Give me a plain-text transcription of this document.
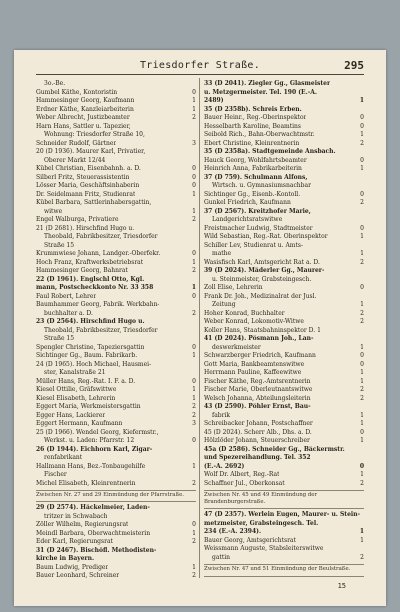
Triesdorfer Straße.	295
3o.-Be.
Gumbel Käthe, Kontoristin	0
Hammesinger Georg, Kaufmann	1
Erdner Käthe, Kanzleiarbeiterin	1
Weber Albrecht, Justizbeamter	2
Harn Hans, Sattler u. Tapezier,
Wohnung: Triesdorfer Straße 10,
Schneider Rudolf, Gärtner	3
20 (D 1936). Maurer Karl, Privatier,
Oberer Markt 12/44
Kübel Christian, Eisenbahnh. a. D.	0
Silberl Fritz, Steuerassistentin	0
Lösser Maria, Geschäftsinhaberin	0
Dr. Seidelmann Fritz, Studienrat	1
Kübel Barbara, Sattlerinhabersgattin,
witwe	1
Engel Walburga, Privatiere	2
21 (D 2681). Hirschfind Hugo u.
Theobald, Fabrikbesitzer, Triesdorfer
Straße 15
Krummwiese Johann, Landger.-Oberfekr.	0
Hoch Franz, Kraftwerksbetriebsrat	1
Hammesinger Georg, Bahnrat	2
22 (D 1961). Englschl Otto, Kgl.
mann, Postscheckkonto Nr. 33 358	1
Faul Robert, Lehrer	0
Baumhammer Georg, Fabrik. Werkbahn-
buchhalter a. D.	2
23 (D 2564). Hirschfind Hugo u.
Theobald, Fabrikbesitzer, Triesdorfer
Straße 15
Spengler Christine, Tapeziersgattin	0
Sichtinger Gg., Baum. Fabrikarb.	1
24 (D 1965). Hoch Michael, Hausmei-
ster, Kanalstraße 21
Müller Hans, Reg.-Rat. I. F. a. D.	0
Kiesel Ottilie, Gräfswittwe	1
Kiesel Elisabeth, Lehrerin	1
Eggert Maria, Werkmeistersgattin	2
Egger Hans, Lackierer	2
Eggert Hermann, Kaufmann	3
25 (D 1966). Wendel Georg, Kiefermstr.,
Werkst. u. Laden: Pfarrstr. 12	0
26 (D 1944). Eichhorn Karl, Zigar-
renfabrikant
Hallmann Hans, Bez.-Tonbaugehilfe	1
Fischer
Michel Elisabeth, Kleinrentnerin	2
Zwischen Nr. 27 und 29 Einmündung der Pfarrstraße.
29 (D 2574). Häckelmeier, Laden-
tritzer in Schwabach
Zöller Wilhelm, Regierungsrat	0
Meindl Barbara, Oberwachtmeisterin	1
Eder Karl, Regierungsrat	2
31 (D 2467). Bischöfl. Methodisten-
kirche in Bayern.
Baum Ludwig, Prediger	1
Bauer Leonhard, Schreiner	2
33 (D 2041). Ziegler Gg., Glasmeister
u. Metzgermeister. Tel. 190 (E.-A.
2489)	1
35 (D 2358b). Schreis Erben.
Bauer Heinr., Reg.-Oberinspektor	0
Hesselbarth Karoline, Beamtins	0
Seibold Rich., Bahn-Oberwachtmstr.	1
Ebert Christine, Kleinrentnerin	2
35 (D 2358a). Stadtgemeinde Ansbach.
Hauck Georg, Wohlfahrtsbeamter	0
Heinrich Anna, Fabrikarbeiterin	1
37 (D 759). Schulmann Alfons,
Wirtsch. u. Gymnasiumsnachbar
Sichtinger Gg., Eisenb.-Kontoll.	0
Gunkel Friedrich, Kaufmann	2
37 (D 2567). Kreitzhofer Marie,
Landgerichtsratswitwe
Freistmacher Ludwig, Stadtmeister	0
Wild Sebastian, Reg.-Rat. Oberinspektor	1
Schiller Lev, Studienrat u. Amts-
mathe	1
Wasisfisch Karl, Amtsgericht Rat a. D.	2
39 (D 2024). Mäderler Gg., Maurer-
u. Steinmeister, Grabsteingesch.
Zoll Elise, Lehrerin	0
Frank Dr. Joh., Medizinalrat der Jusl.
Zeitung	1
Hoher Konrad, Buchhalter	2
Weber Konrad, Lokomotiv-Witwe	2
Koller Hans, Staatsbahninspektor D. 1
41 (D 2024). Pösmann Joh., Lan-
deswerkmeister	1
Schwarzberger Friedrich, Kaufmann	0
Gott Maria, Bankbeamtenswitwe	0
Herrmann Pauline, Kaffeewitwe	1
Fischer Käthe, Reg.-Amtsrentnerin	1
Fischer Marie, Oberleutnantswitwe	2
Welsch Johanna, Abteilungsleiterin	2
43 (D 2590). Pöhler Ernst, Bau-
fabrik	1
Schreibacker Johann, Postschaffner	1
45 (D 2024). Scherr Alb., Dhs. a. D.	0
Hölzlöder Johann, Steuerschreiber	1
45a (D 2586). Schneider Gg., Bäckermstr.
und Spezereihandlung. Tel. 352
(E.-A. 2692)	0
Wolf Dr. Albert, Reg.-Rat	1
Schaffner Jul., Oberkonsat	2
Zwischen Nr. 45 und 49 Einmündung der Brandenburgerstraße.
47 (D 2357). Werlein Eugen, Maurer- u. Stein-
metzmeister, Grabsteingesch. Tel.
234 (E.-A. 2394).	1
Bauer Georg, Amtsgerichtsrat	1
Weissmann Auguste, Stabsleiterswitwe
gattin	2
Zwischen Nr. 47 und 51 Einmündung der Beulstraße.
15
